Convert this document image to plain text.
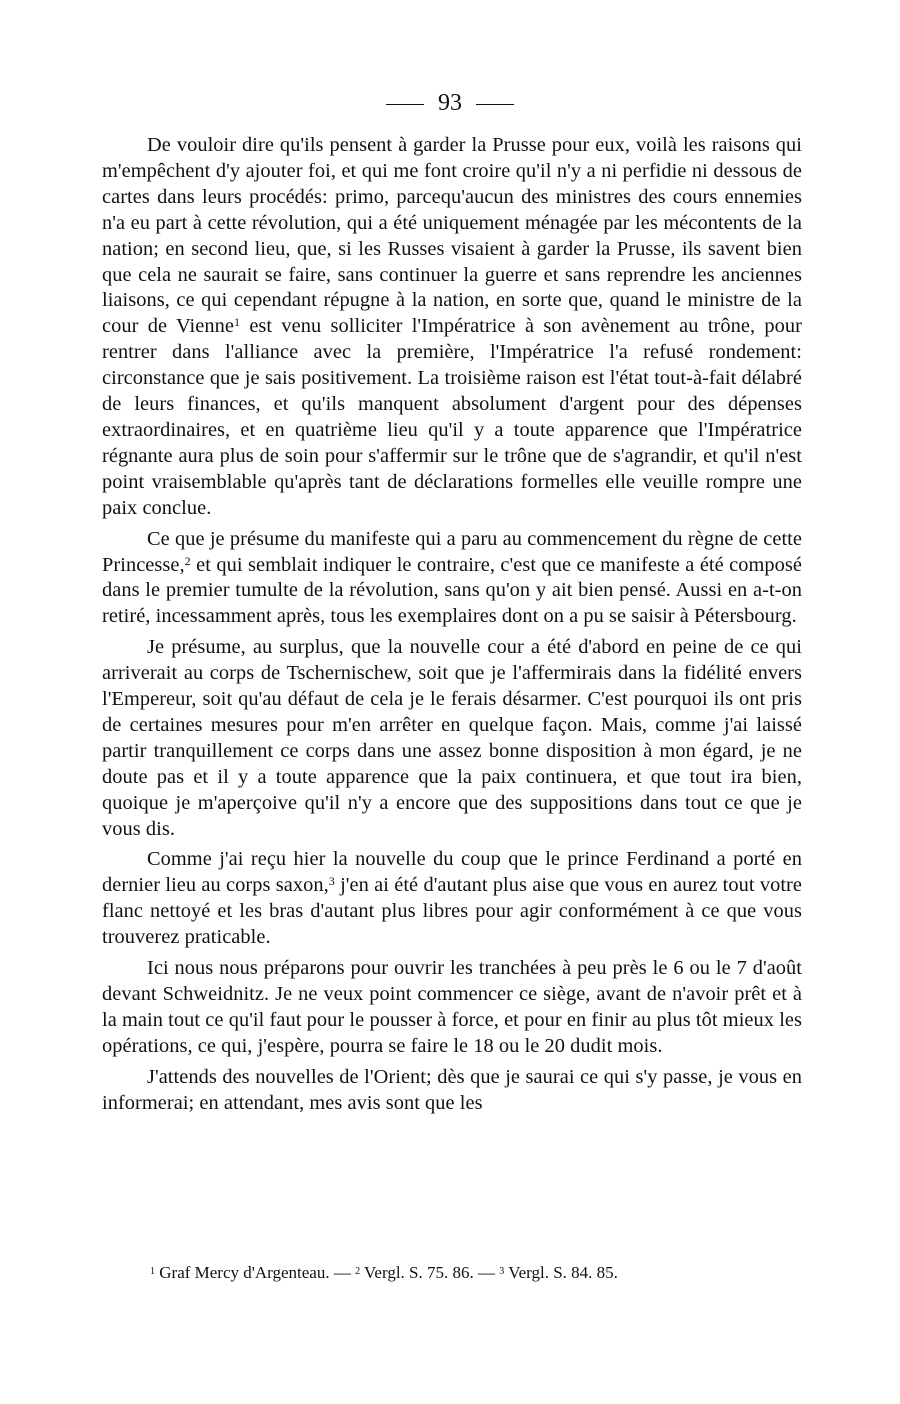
93

De vouloir dire qu'ils pensent à garder la Prusse pour eux, voilà les raisons qui m'empêchent d'y ajouter foi, et qui me font croire qu'il n'y a ni perfidie ni dessous de cartes dans leurs procédés: primo, parcequ'aucun des ministres des cours ennemies n'a eu part à cette révolution, qui a été uniquement ménagée par les mécontents de la nation; en second lieu, que, si les Russes visaient à garder la Prusse, ils savent bien que cela ne saurait se faire, sans continuer la guerre et sans reprendre les anciennes liaisons, ce qui cependant répugne à la nation, en sorte que, quand le ministre de la cour de Vienne$^1$ est venu solliciter l'Impératrice à son avènement au trône, pour rentrer dans l'alliance avec la première, l'Impératrice l'a refusé rondement: circonstance que je sais positivement. La troisième raison est l'état tout-à-fait délabré de leurs finances, et qu'ils manquent absolument d'argent pour des dépenses extraordinaires, et en quatrième lieu qu'il y a toute apparence que l'Impératrice régnante aura plus de soin pour s'affermir sur le trône que de s'agrandir, et qu'il n'est point vraisemblable qu'après tant de déclarations formelles elle veuille rompre une paix conclue.

Ce que je présume du manifeste qui a paru au commencement du règne de cette Princesse,$^2$ et qui semblait indiquer le contraire, c'est que ce manifeste a été composé dans le premier tumulte de la révolution, sans qu'on y ait bien pensé. Aussi en a-t-on retiré, incessamment après, tous les exemplaires dont on a pu se saisir à Pétersbourg.

Je présume, au surplus, que la nouvelle cour a été d'abord en peine de ce qui arriverait au corps de Tschernischew, soit que je l'affermirais dans la fidélité envers l'Empereur, soit qu'au défaut de cela je le ferais désarmer. C'est pourquoi ils ont pris de certaines mesures pour m'en arrêter en quelque façon. Mais, comme j'ai laissé partir tranquillement ce corps dans une assez bonne disposition à mon égard, je ne doute pas et il y a toute apparence que la paix continuera, et que tout ira bien, quoique je m'aperçoive qu'il n'y a encore que des suppositions dans tout ce que je vous dis.

Comme j'ai reçu hier la nouvelle du coup que le prince Ferdinand a porté en dernier lieu au corps saxon,$^3$ j'en ai été d'autant plus aise que vous en aurez tout votre flanc nettoyé et les bras d'autant plus libres pour agir conformément à ce que vous trouverez praticable.

Ici nous nous préparons pour ouvrir les tranchées à peu près le 6 ou le 7 d'août devant Schweidnitz. Je ne veux point commencer ce siège, avant de n'avoir prêt et à la main tout ce qu'il faut pour le pousser à force, et pour en finir au plus tôt mieux les opérations, ce qui, j'espère, pourra se faire le 18 ou le 20 dudit mois.

J'attends des nouvelles de l'Orient; dès que je saurai ce qui s'y passe, je vous en informerai; en attendant, mes avis sont que les

$^1$ Graf Mercy d'Argenteau. — $^2$ Vergl. S. 75. 86. — $^3$ Vergl. S. 84. 85.
